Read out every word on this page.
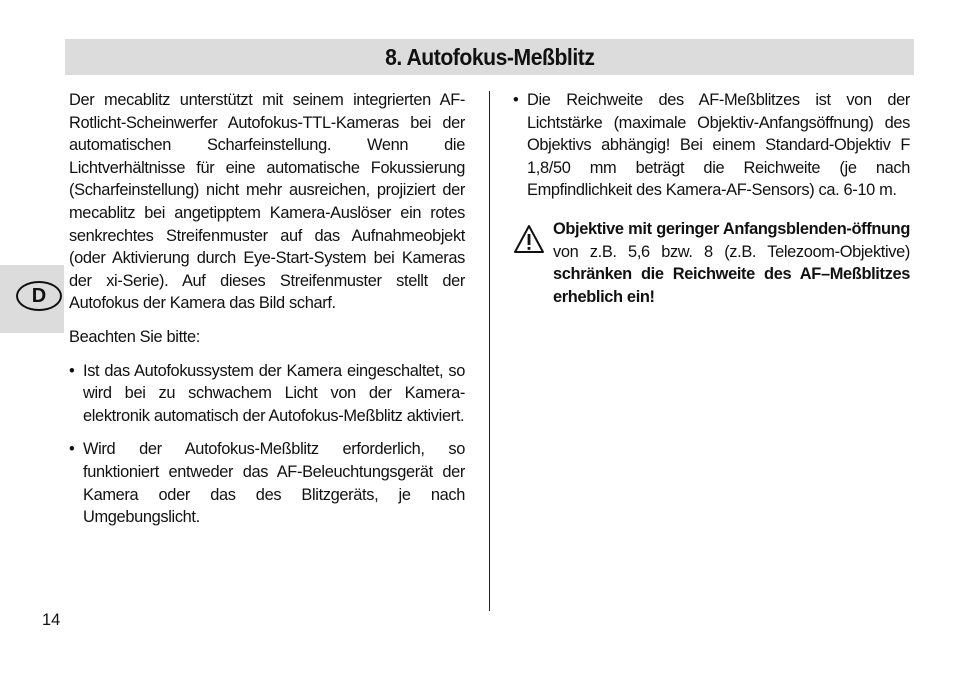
8. Autofokus-Meßblitz
D

Der mecablitz unterstützt mit seinem integrierten AF-Rotlicht-Scheinwerfer Autofokus-TTL-Kameras bei der automatischen Scharfeinstellung. Wenn die Lichtverhältnisse für eine automatische Fokussierung (Scharfeinstellung) nicht mehr ausreichen, projiziert der mecablitz bei angetipptem Kamera-Auslöser ein rotes senkrechtes Streifenmuster auf das Aufnahmeobjekt (oder Aktivierung durch Eye-Start-System bei Kameras der xi-Serie). Auf dieses Streifenmuster stellt der Autofokus der Kamera das Bild scharf.

Beachten Sie bitte:

• Ist das Autofokussystem der Kamera eingeschaltet, so wird bei zu schwachem Licht von der Kamera-elektronik automatisch der Autofokus-Meßblitz aktiviert.

• Wird der Autofokus-Meßblitz erforderlich, so funktioniert entweder das AF-Beleuchtungsgerät der Kamera oder das des Blitzgeräts, je nach Umgebungslicht.

• Die Reichweite des AF-Meßblitzes ist von der Lichtstärke (maximale Objektiv-Anfangsöffnung) des Objektivs abhängig! Bei einem Standard-Objektiv F 1,8/50 mm beträgt die Reichweite (je nach Empfindlichkeit des Kamera-AF-Sensors) ca. 6-10 m.

Objektive mit geringer Anfangsblenden-öffnung von z.B. 5,6 bzw. 8 (z.B. Telezoom-Objektive) schränken die Reichweite des AF–Meßblitzes erheblich ein!

14
